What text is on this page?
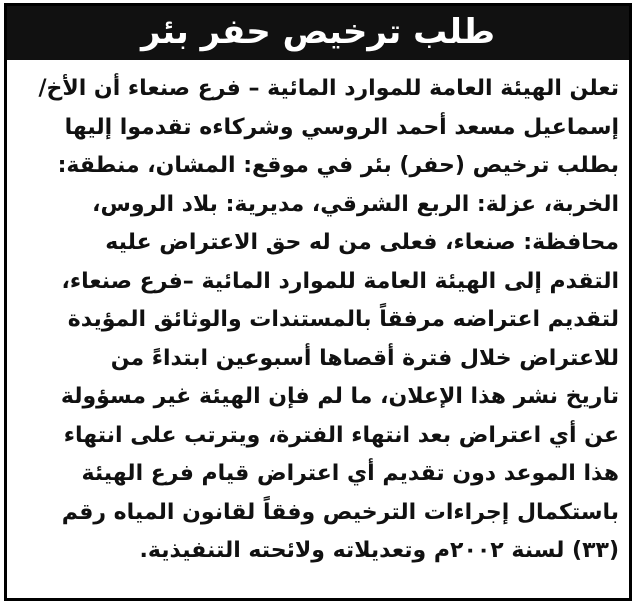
طلب ترخيص حفر بئر
تعلن الهيئة العامة للموارد المائية – فرع صنعاء أن الأخ/
إسماعيل مسعد أحمد الروسي وشركاءه تقدموا إليها
بطلب ترخيص (حفر) بئر في موقع: المشان، منطقة:
الخربة، عزلة: الربع الشرقي، مديرية: بلاد الروس،
محافظة: صنعاء، فعلى من له حق الاعتراض عليه
التقدم إلى الهيئة العامة للموارد المائية –فرع صنعاء،
لتقديم اعتراضه مرفقاً بالمستندات والوثائق المؤيدة
للاعتراض خلال فترة أقصاها أسبوعين ابتداءً من
تاريخ نشر هذا الإعلان، ما لم فإن الهيئة غير مسؤولة
عن أي اعتراض بعد انتهاء الفترة، ويترتب على انتهاء
هذا الموعد دون تقديم أي اعتراض قيام فرع الهيئة
باستكمال إجراءات الترخيص وفقاً لقانون المياه رقم
(٣٣) لسنة ٢٠٠٢م وتعديلاته ولائحته التنفيذية.
